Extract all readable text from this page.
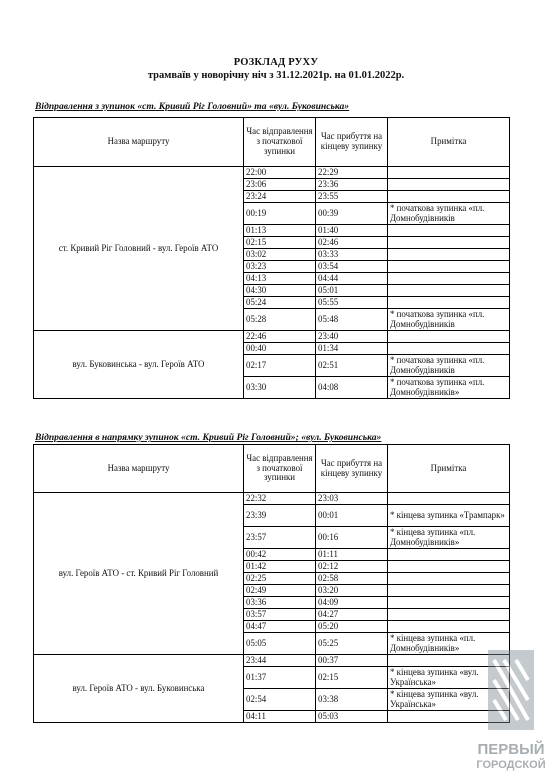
РОЗКЛАД РУХУ
трамваїв у новорічну ніч з 31.12.2021р. на 01.01.2022р.
Відправлення з зупинок «ст. Кривий Ріг Головний» та «вул. Буковинська»
Назва маршруту	Час відправлення з початкової зупинки	Час прибуття на кінцеву зупинку	Примітка
ст. Кривий Ріг Головний - вул. Героїв АТО	22:00	22:29	
	23:06	23:36	
	23:24	23:55	
	00:19	00:39	* початкова зупинка «пл. Домнобудівників
	01:13	01:40	
	02:15	02:46	
	03:02	03:33	
	03:23	03:54	
	04:13	04:44	
	04:30	05:01	
	05:24	05:55	
	05:28	05:48	* початкова зупинка «пл. Домнобудівників
вул. Буковинська - вул. Героїв АТО	22:46	23:40	
	00:40	01:34	
	02:17	02:51	* початкова зупинка «пл. Домнобудівників
	03:30	04:08	* початкова зупинка «пл. Домнобудівників»
Відправлення в напрямку зупинок «ст. Кривий Ріг Головний»; «вул. Буковинська»
Назва маршруту	Час відправлення з початкової зупинки	Час прибуття на кінцеву зупинку	Примітка
вул. Героїв АТО - ст. Кривий Ріг Головний	22:32	23:03	
	23:39	00:01	* кінцева зупинка «Трампарк»
	23:57	00:16	* кінцева зупинка «пл. Домнобудівників»
	00:42	01:11	
	01:42	02:12	
	02:25	02:58	
	02:49	03:20	
	03:36	04:09	
	03:57	04:27	
	04:47	05:20	
	05:05	05:25	* кінцева зупинка «пл. Домнобудівників»
вул. Героїв АТО - вул. Буковинська	23:44	00:37	
	01:37	02:15	* кінцева зупинка «вул. Українська»
	02:54	03:38	* кінцева зупинка «вул. Українська»
	04:11	05:03	
ПЕРВЫЙ
ГОРОДСКОЙ
